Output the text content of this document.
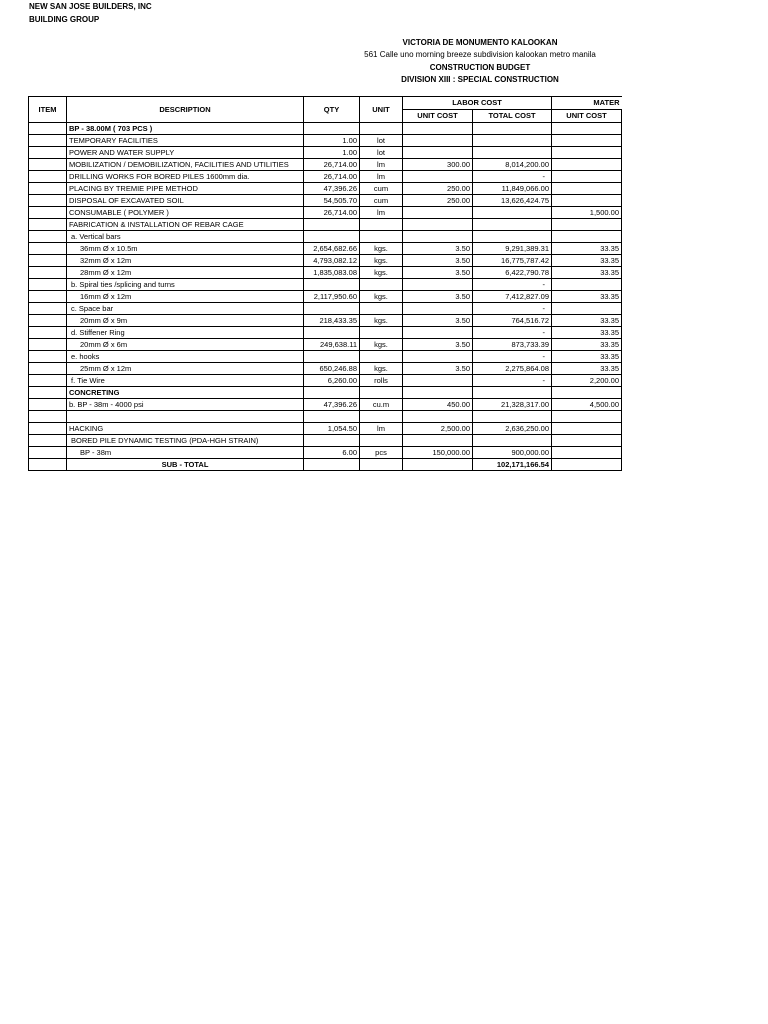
NEW SAN JOSE BUILDERS, INC
BUILDING GROUP
VICTORIA DE MONUMENTO KALOOKAN
561 Calle uno morning breeze subdivision kalookan metro manila
CONSTRUCTION BUDGET
DIVISION XIII : SPECIAL CONSTRUCTION
ITEM	DESCRIPTION	QTY	UNIT	LABOR COST		MATER
				UNIT COST	TOTAL COST	UNIT COST
	BP - 38.00M ( 703 PCS )					
	TEMPORARY FACILITIES	1.00	lot			
	POWER AND WATER SUPPLY	1.00	lot			
	MOBILIZATION / DEMOBILIZATION, FACILITIES AND UTILITIES	26,714.00	lm	300.00	8,014,200.00	
	DRILLING WORKS FOR BORED PILES 1600mm dia.	26,714.00	lm		-	
	PLACING BY TREMIE PIPE METHOD	47,396.26	cum	250.00	11,849,066.00	
	DISPOSAL OF EXCAVATED SOIL	54,505.70	cum	250.00	13,626,424.75	
	CONSUMABLE ( POLYMER )	26,714.00	lm			1,500.00
	FABRICATION & INSTALLATION OF REBAR CAGE					
	a. Vertical bars					
	36mm Ø x 10.5m	2,654,682.66	kgs.	3.50	9,291,389.31	33.35
	32mm Ø x 12m	4,793,082.12	kgs.	3.50	16,775,787.42	33.35
	28mm Ø x 12m	1,835,083.08	kgs.	3.50	6,422,790.78	33.35
	b. Spiral ties /splicing and turns				-	
	16mm Ø x 12m	2,117,950.60	kgs.	3.50	7,412,827.09	33.35
	c. Space bar				-	
	20mm Ø x 9m	218,433.35	kgs.	3.50	764,516.72	33.35
	d. Stiffener Ring				-	33.35
	20mm Ø x 6m	249,638.11	kgs.	3.50	873,733.39	33.35
	e. hooks				-	33.35
	25mm Ø x 12m	650,246.88	kgs.	3.50	2,275,864.08	33.35
	f. Tie Wire	6,260.00	rolls		-	2,200.00
	CONCRETING					
	b. BP - 38m - 4000 psi	47,396.26	cu.m	450.00	21,328,317.00	4,500.00

	HACKING	1,054.50	lm	2,500.00	2,636,250.00	
	BORED PILE DYNAMIC TESTING (PDA-HGH STRAIN)					
	BP - 38m	6.00	pcs	150,000.00	900,000.00	
	SUB - TOTAL				102,171,166.54	
